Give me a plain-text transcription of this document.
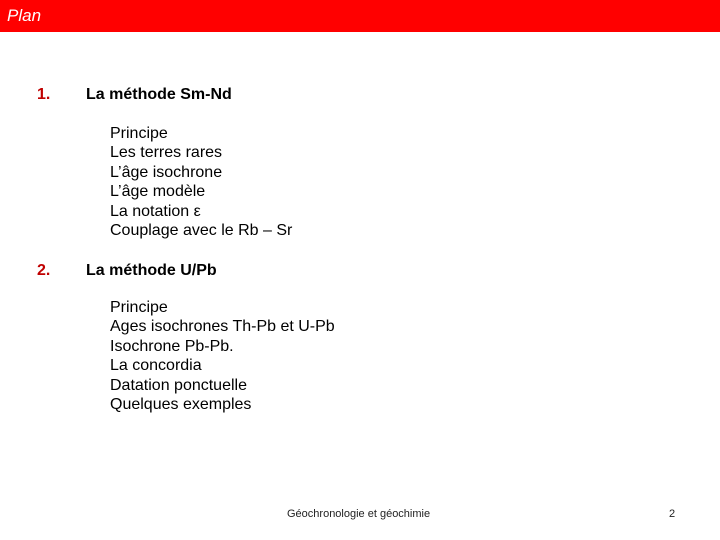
Plan
1. La méthode Sm-Nd
Principe
Les terres rares
L’âge isochrone
L’âge modèle
La notation ε
Couplage avec le Rb – Sr
2. La méthode U/Pb
Principe
Ages isochrones Th-Pb et U-Pb
Isochrone Pb-Pb.
La concordia
Datation ponctuelle
Quelques exemples
Géochronologie et géochimie	2
